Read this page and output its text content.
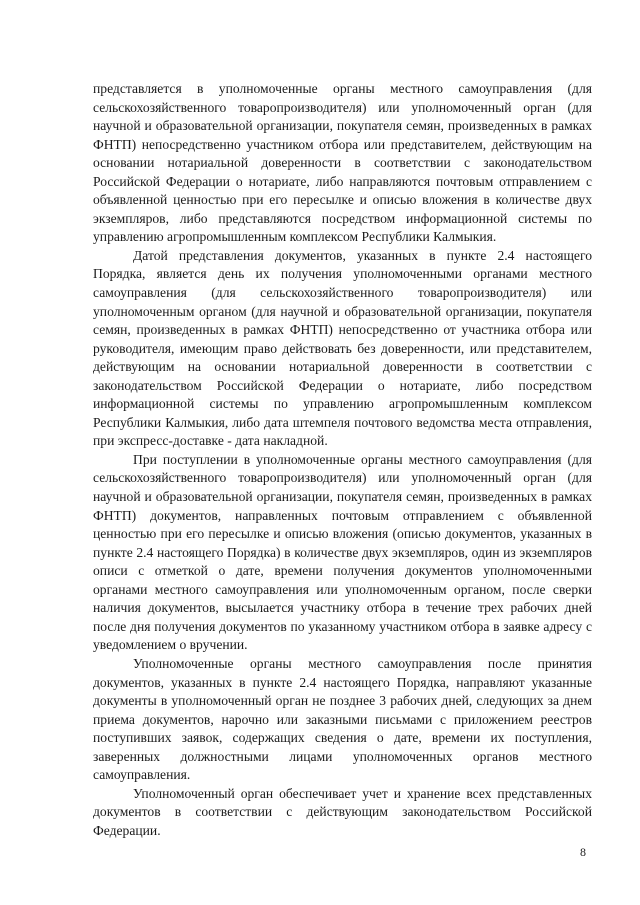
представляется в уполномоченные органы местного самоуправления (для сельскохозяйственного товаропроизводителя) или уполномоченный орган (для научной и образовательной организации, покупателя семян, произведенных в рамках ФНТП) непосредственно участником отбора или представителем, действующим на основании нотариальной доверенности в соответствии с законодательством Российской Федерации о нотариате, либо направляются почтовым отправлением с объявленной ценностью при его пересылке и описью вложения в количестве двух экземпляров, либо представляются посредством информационной системы по управлению агропромышленным комплексом Республики Калмыкия.

Датой представления документов, указанных в пункте 2.4 настоящего Порядка, является день их получения уполномоченными органами местного самоуправления (для сельскохозяйственного товаропроизводителя) или уполномоченным органом (для научной и образовательной организации, покупателя семян, произведенных в рамках ФНТП) непосредственно от участника отбора или руководителя, имеющим право действовать без доверенности, или представителем, действующим на основании нотариальной доверенности в соответствии с законодательством Российской Федерации о нотариате, либо посредством информационной системы по управлению агропромышленным комплексом Республики Калмыкия, либо дата штемпеля почтового ведомства места отправления, при экспресс-доставке - дата накладной.

При поступлении в уполномоченные органы местного самоуправления (для сельскохозяйственного товаропроизводителя) или уполномоченный орган (для научной и образовательной организации, покупателя семян, произведенных в рамках ФНТП) документов, направленных почтовым отправлением с объявленной ценностью при его пересылке и описью вложения (описью документов, указанных в пункте 2.4 настоящего Порядка) в количестве двух экземпляров, один из экземпляров описи с отметкой о дате, времени получения документов уполномоченными органами местного самоуправления или уполномоченным органом, после сверки наличия документов, высылается участнику отбора в течение трех рабочих дней после дня получения документов по указанному участником отбора в заявке адресу с уведомлением о вручении.

Уполномоченные органы местного самоуправления после принятия документов, указанных в пункте 2.4 настоящего Порядка, направляют указанные документы в уполномоченный орган не позднее 3 рабочих дней, следующих за днем приема документов, нарочно или заказными письмами с приложением реестров поступивших заявок, содержащих сведения о дате, времени их поступления, заверенных должностными лицами уполномоченных органов местного самоуправления.

Уполномоченный орган обеспечивает учет и хранение всех представленных документов в соответствии с действующим законодательством Российской Федерации.

8
